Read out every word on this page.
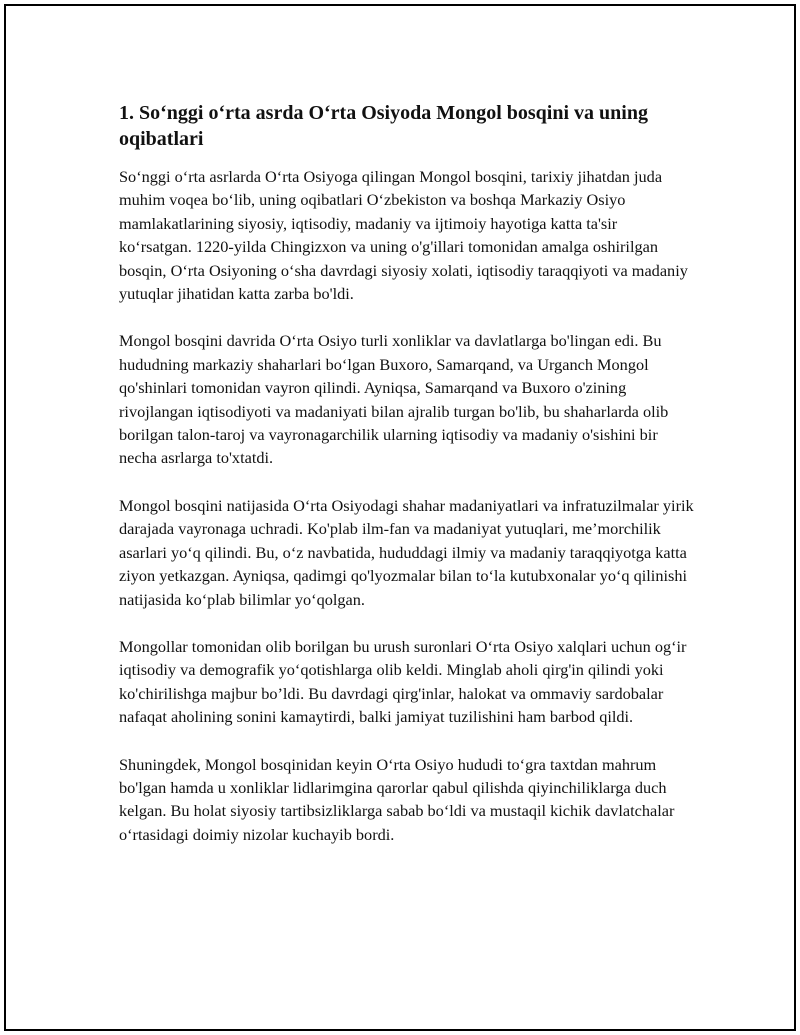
1. So‘nggi o‘rta asrda O‘rta Osiyoda Mongol bosqini va uning oqibatlari

So‘nggi o‘rta asrlarda O‘rta Osiyoga qilingan Mongol bosqini, tarixiy jihatdan juda muhim voqea bo‘lib, uning oqibatlari O‘zbekiston va boshqa Markaziy Osiyo mamlakatlarining siyosiy, iqtisodiy, madaniy va ijtimoiy hayotiga katta ta'sir ko‘rsatgan. 1220-yilda Chingizxon va uning o'g'illari tomonidan amalga oshirilgan bosqin, O‘rta Osiyoning o‘sha davrdagi siyosiy xolati, iqtisodiy taraqqiyoti va madaniy yutuqlar jihatidan katta zarba bo'ldi.

Mongol bosqini davrida O‘rta Osiyo turli xonliklar va davlatlarga bo'lingan edi. Bu hududning markaziy shaharlari bo‘lgan Buxoro, Samarqand, va Urganch Mongol qo'shinlari tomonidan vayron qilindi. Ayniqsa, Samarqand va Buxoro o'zining rivojlangan iqtisodiyoti va madaniyati bilan ajralib turgan bo'lib, bu shaharlarda olib borilgan talon-taroj va vayronagarchilik ularning iqtisodiy va madaniy o'sishini bir necha asrlarga to'xtatdi.

Mongol bosqini natijasida O‘rta Osiyodagi shahar madaniyatlari va infratuzilmalar yirik darajada vayronaga uchradi. Ko'plab ilm-fan va madaniyat yutuqlari, me’morchilik asarlari yo‘q qilindi. Bu, o‘z navbatida, hududdagi ilmiy va madaniy taraqqiyotga katta ziyon yetkazgan. Ayniqsa, qadimgi qo'lyozmalar bilan to‘la kutubxonalar yo‘q qilinishi natijasida ko‘plab bilimlar yo‘qolgan.

Mongollar tomonidan olib borilgan bu urush suronlari O‘rta Osiyo xalqlari uchun og‘ir iqtisodiy va demografik yo‘qotishlarga olib keldi. Minglab aholi qirg'in qilindi yoki ko'chirilishga majbur bo’ldi. Bu davrdagi qirg'inlar, halokat va ommaviy sardobalar nafaqat aholining sonini kamaytirdi, balki jamiyat tuzilishini ham barbod qildi.

Shuningdek, Mongol bosqinidan keyin O‘rta Osiyo hududi to‘gra taxtdan mahrum bo'lgan hamda u xonliklar lidlarimgina qarorlar qabul qilishda qiyinchiliklarga duch kelgan. Bu holat siyosiy tartibsizliklarga sabab bo‘ldi va mustaqil kichik davlatchalar o‘rtasidagi doimiy nizolar kuchayib bordi.
